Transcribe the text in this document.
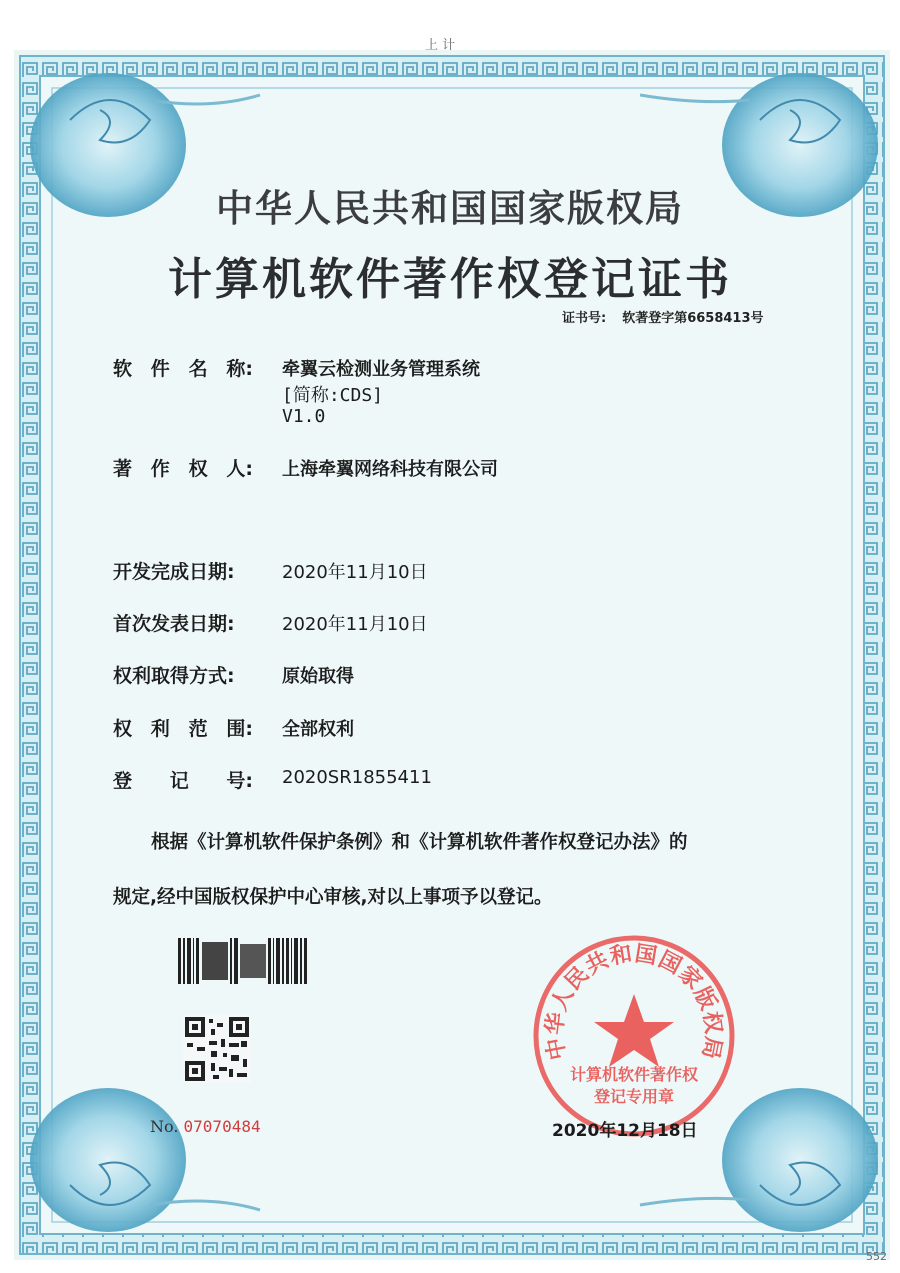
上 计
552
中华人民共和国国家版权局
计算机软件著作权登记证书
证书号: 软著登字第6658413号
软 件 名 称: 牵翼云检测业务管理系统
[简称:CDS]
V1.0
著 作 权 人: 上海牵翼网络科技有限公司
开发完成日期:	2020年11月10日
首次发表日期:	2020年11月10日
权利取得方式:	原始取得
权 利 范 围: 全部权利
登 记 号: 2020SR1855411
根据《计算机软件保护条例》和《计算机软件著作权登记办法》的
规定,经中国版权保护中心审核,对以上事项予以登记。
No. 07070484
中华人民共和国国家版权局
计算机软件著作权
登记专用章
2020年12月18日
